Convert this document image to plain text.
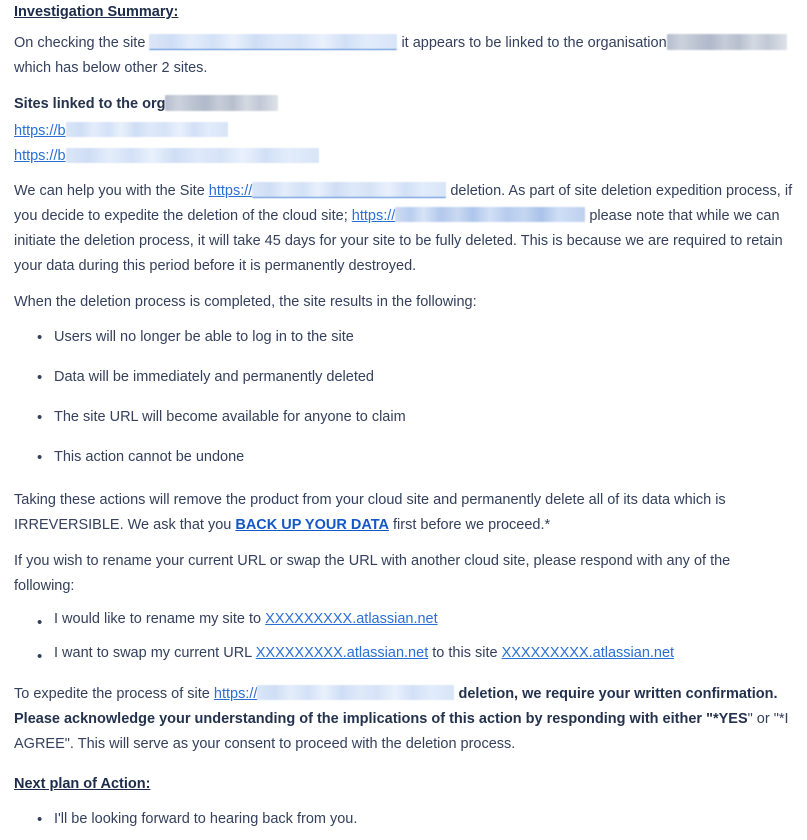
Investigation Summary:

On checking the site	it appears to be linked to the organisation
which has below other 2 sites.

Sites linked to the org

https://b
https://b

We can help you with the Site https://	deletion. As part of site deletion expedition process, if you decide to expedite the deletion of the cloud site; https://	please note that while we can initiate the deletion process, it will take 45 days for your site to be fully deleted. This is because we are required to retain your data during this period before it is permanently destroyed.

When the deletion process is completed, the site results in the following:

• Users will no longer be able to log in to the site
• Data will be immediately and permanently deleted
• The site URL will become available for anyone to claim
• This action cannot be undone

Taking these actions will remove the product from your cloud site and permanently delete all of its data which is IRREVERSIBLE. We ask that you BACK UP YOUR DATA first before we proceed.*

If you wish to rename your current URL or swap the URL with another cloud site, please respond with any of the following:

• I would like to rename my site to XXXXXXXXX.atlassian.net
• I want to swap my current URL XXXXXXXXX.atlassian.net to this site XXXXXXXXX.atlassian.net

To expedite the process of site https://	deletion, we require your written confirmation. Please acknowledge your understanding of the implications of this action by responding with either "*YES" or "*I AGREE". This will serve as your consent to proceed with the deletion process.

Next plan of Action:

• I'll be looking forward to hearing back from you.
